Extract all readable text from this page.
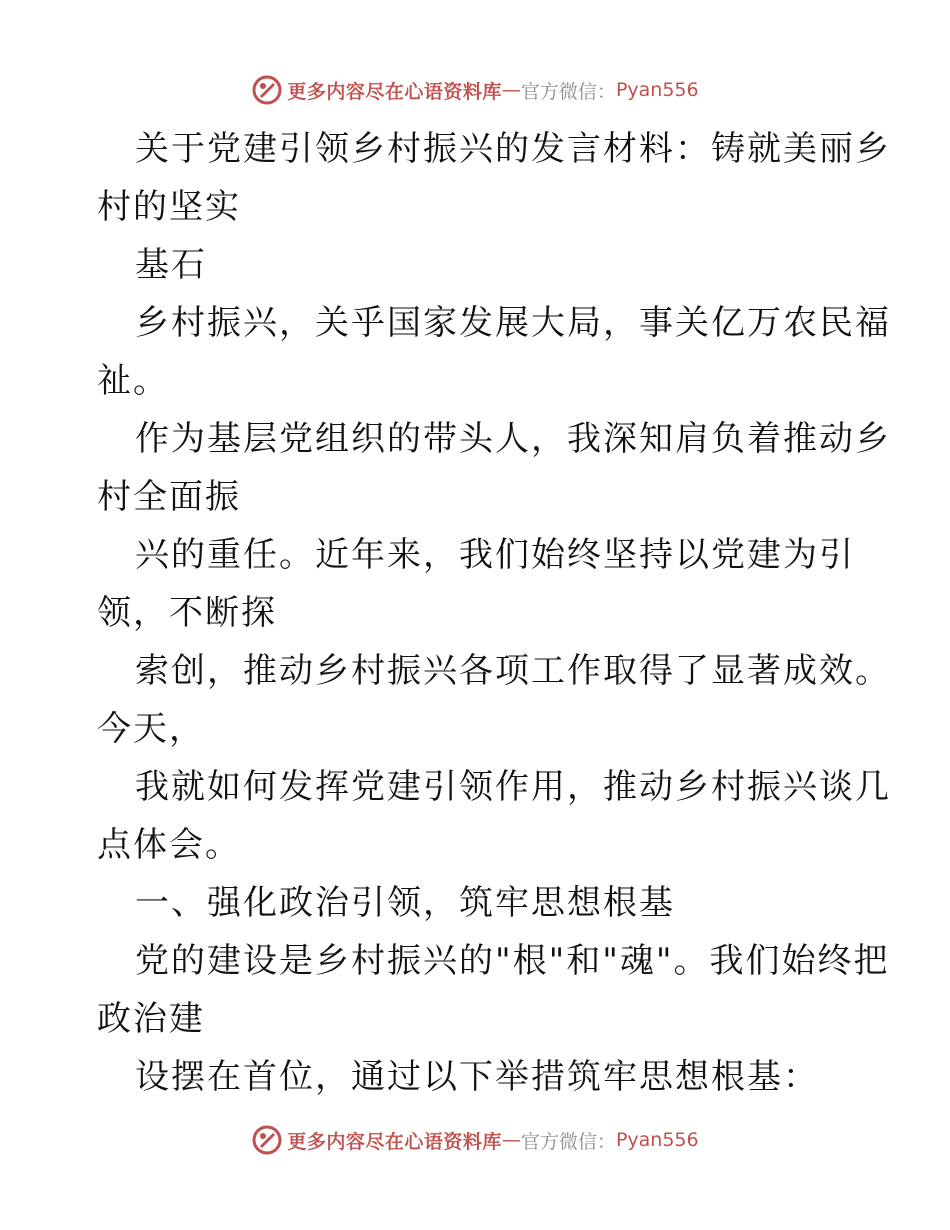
更多内容尽在心语资料库 — 官方微信： Pyan556
关于党建引领乡村振兴的发言材料：铸就美丽乡
村的坚实
基石
乡村振兴，关乎国家发展大局，事关亿万农民福
祉。
作为基层党组织的带头人，我深知肩负着推动乡
村全面振
兴的重任。近年来，我们始终坚持以党建为引
领，不断探
索创，推动乡村振兴各项工作取得了显著成效。
今天，
我就如何发挥党建引领作用，推动乡村振兴谈几
点体会。
一、强化政治引领，筑牢思想根基
党的建设是乡村振兴的"根"和"魂"。我们始终把
政治建
设摆在首位，通过以下举措筑牢思想根基：
更多内容尽在心语资料库 — 官方微信： Pyan556
